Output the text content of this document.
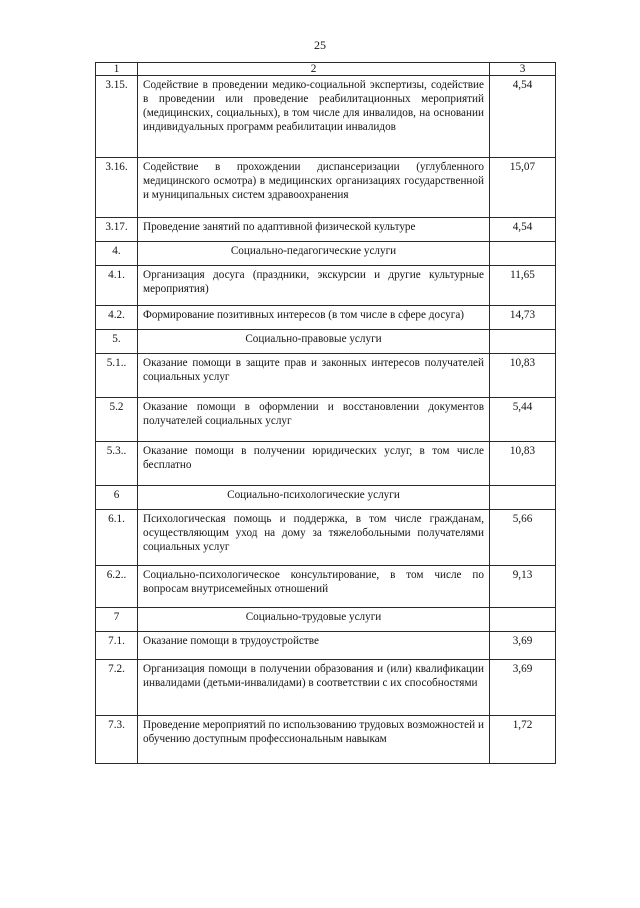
25
1	2	3
3.15.	Содействие в проведении медико-социальной экспертизы, содействие в проведении или проведение реабилитационных мероприятий (медицинских, социальных), в том числе для инвалидов, на основании индивидуальных программ реабилитации инвалидов	4,54
3.16.	Содействие в прохождении диспансеризации (углубленного медицинского осмотра) в медицинских организациях государственной и муниципальных систем здравоохранения	15,07
3.17.	Проведение занятий по адаптивной физической культуре	4,54
4.	Социально-педагогические услуги	
4.1.	Организация досуга (праздники, экскурсии и другие культурные мероприятия)	11,65
4.2.	Формирование позитивных интересов (в том числе в сфере досуга)	14,73
5.	Социально-правовые услуги	
5.1..	Оказание помощи в защите прав и законных интересов получателей социальных услуг	10,83
5.2	Оказание помощи в оформлении и восстановлении документов получателей социальных услуг	5,44
5.3..	Оказание помощи в получении юридических услуг, в том числе бесплатно	10,83
6	Социально-психологические услуги	
6.1.	Психологическая помощь и поддержка, в том числе гражданам, осуществляющим уход на дому за тяжелобольными получателями социальных услуг	5,66
6.2..	Социально-психологическое консультирование, в том числе по вопросам внутрисемейных отношений	9,13
7	Социально-трудовые услуги	
7.1.	Оказание помощи в трудоустройстве	3,69
7.2.	Организация помощи в получении образования и (или) квалификации инвалидами (детьми-инвалидами) в соответствии с их способностями	3,69
7.3.	Проведение мероприятий по использованию трудовых возможностей и обучению доступным профессиональным навыкам	1,72
